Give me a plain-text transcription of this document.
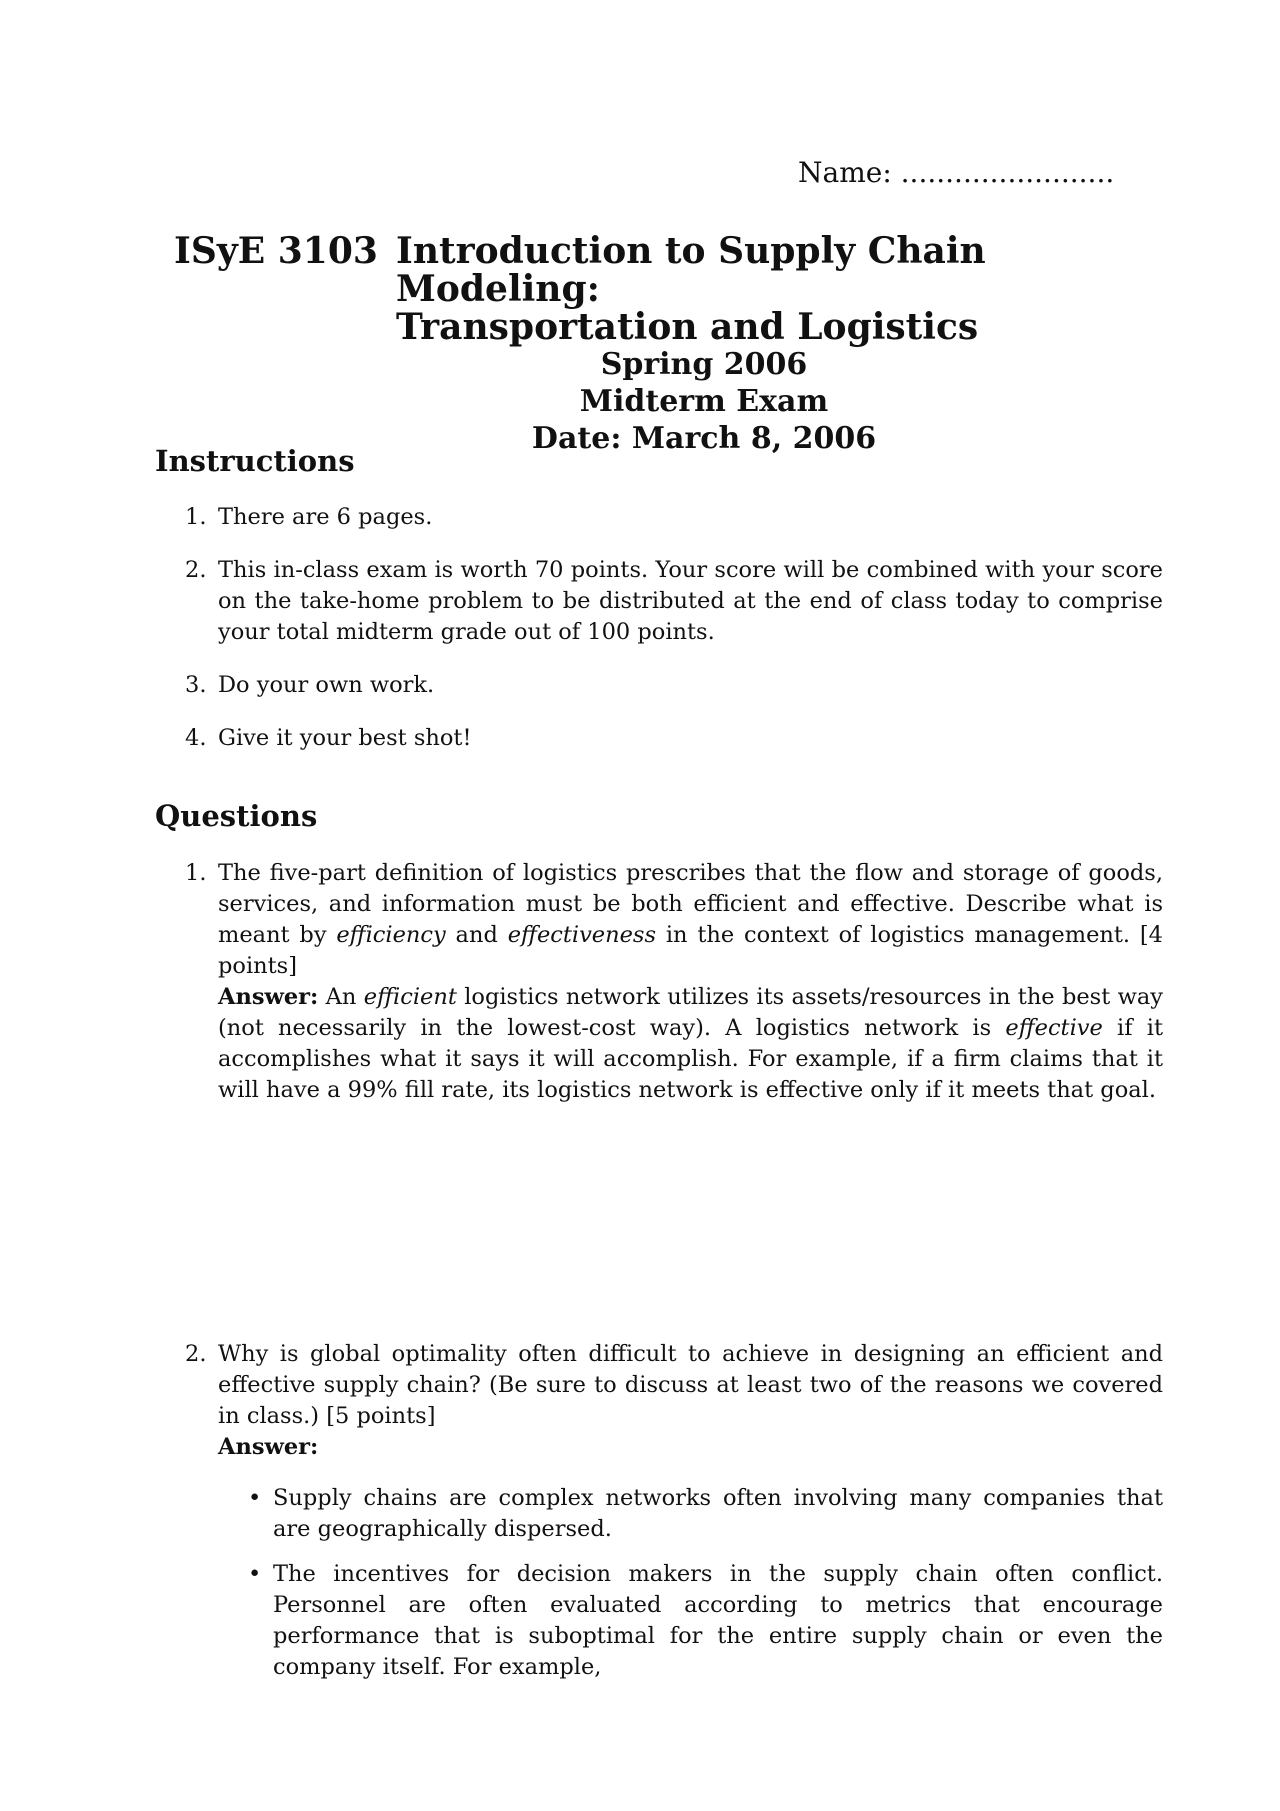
Name: ........................
ISyE 3103 Introduction to Supply Chain Modeling:
Transportation and Logistics
Spring 2006
Midterm Exam
Date: March 8, 2006
Instructions
1. There are 6 pages.
2. This in-class exam is worth 70 points. Your score will be combined with your score on the take-home problem to be distributed at the end of class today to comprise your total midterm grade out of 100 points.
3. Do your own work.
4. Give it your best shot!
Questions
1. The five-part definition of logistics prescribes that the flow and storage of goods, services, and information must be both efficient and effective. Describe what is meant by efficiency and effectiveness in the context of logistics management. [4 points]
Answer: An efficient logistics network utilizes its assets/resources in the best way (not necessarily in the lowest-cost way). A logistics network is effective if it accomplishes what it says it will accomplish. For example, if a firm claims that it will have a 99% fill rate, its logistics network is effective only if it meets that goal.
2. Why is global optimality often difficult to achieve in designing an efficient and effective supply chain? (Be sure to discuss at least two of the reasons we covered in class.) [5 points]
Answer:
• Supply chains are complex networks often involving many companies that are geographically dispersed.
• The incentives for decision makers in the supply chain often conflict. Personnel are often evaluated according to metrics that encourage performance that is suboptimal for the entire supply chain or even the company itself. For example,
